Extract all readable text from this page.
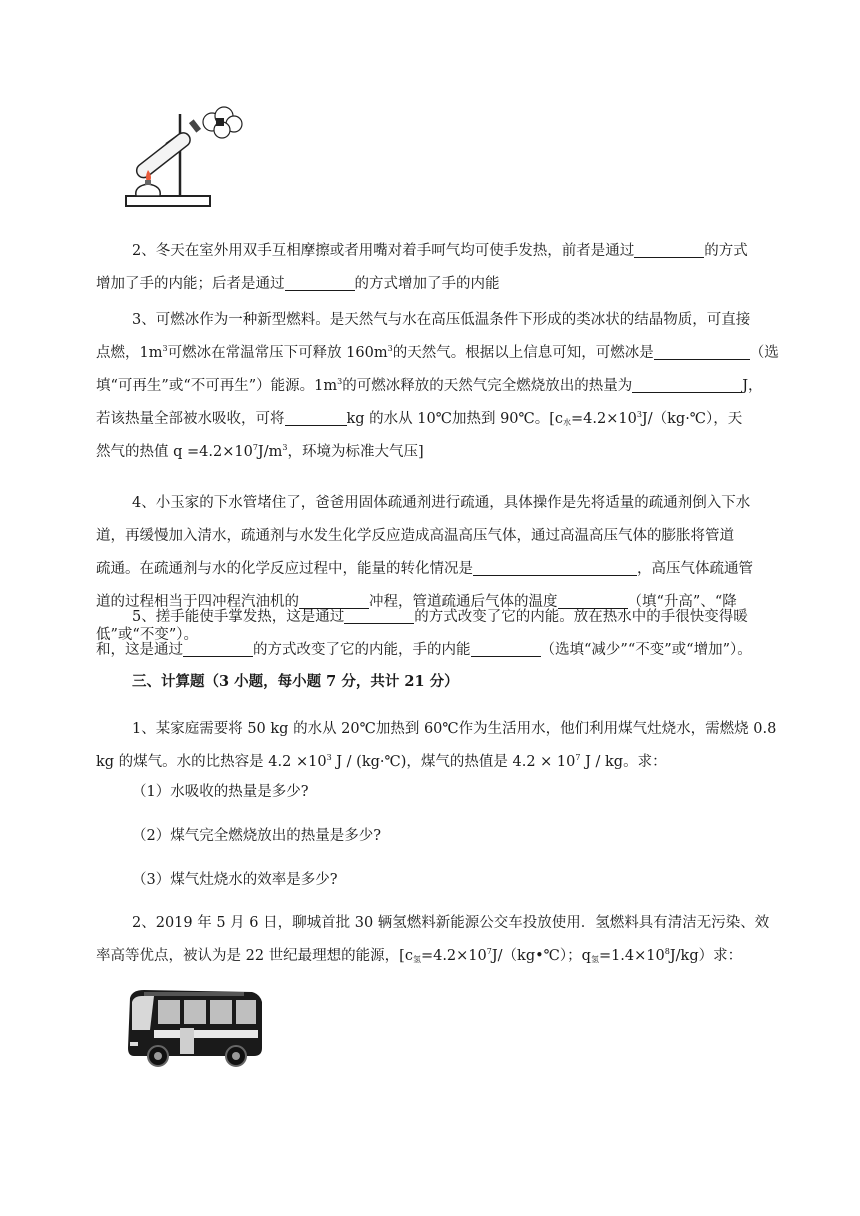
2、冬天在室外用双手互相摩擦或者用嘴对着手呵气均可使手发热，前者是通过	的方式
增加了手的内能；后者是通过	的方式增加了手的内能

3、可燃冰作为一种新型燃料。是天然气与水在高压低温条件下形成的类冰状的结晶物质，可直接
点燃，$1m^3$可燃冰在常温常压下可释放 $160m^3$的天然气。根据以上信息可知，可燃冰是	（选
填“可再生”或“不可再生”）能源。$1m^3$的可燃冰释放的天然气完全燃烧放出的热量为	J，
若该热量全部被水吸收，可将	kg 的水从 10℃加热到 90℃。[$c_水=4.2\times 10^3J/(kg\cdot℃)$，天
然气的热值 $q =4.2\times 10^7J/m^3$，环境为标准大气压]

4、小玉家的下水管堵住了，爸爸用固体疏通剂进行疏通，具体操作是先将适量的疏通剂倒入下水
道，再缓慢加入清水，疏通剂与水发生化学反应造成高温高压气体，通过高温高压气体的膨胀将管道
疏通。在疏通剂与水的化学反应过程中，能量的转化情况是	，高压气体疏通管
道的过程相当于四冲程汽油机的	冲程，管道疏通后气体的温度	（填“升高”、“降
低”或“不变”）。

5、搓手能使手掌发热，这是通过	的方式改变了它的内能。放在热水中的手很快变得暖
和，这是通过	的方式改变了它的内能，手的内能	（选填“减少”“不变”或“增加”）。

三、计算题（3 小题，每小题 7 分，共计 21 分）

1、某家庭需要将 50 kg 的水从 20℃加热到 60℃作为生活用水，他们利用煤气灶烧水，需燃烧 0.8
kg 的煤气。水的比热容是 $4.2 \times 10^3$ J / (kg·℃)，煤气的热值是 $4.2 \times 10^7$ J / kg。求：

（1）水吸收的热量是多少?

（2）煤气完全燃烧放出的热量是多少?

（3）煤气灶烧水的效率是多少?

2、2019 年 5 月 6 日，聊城首批 30 辆氢燃料新能源公交车投放使用．氢燃料具有清洁无污染、效
率高等优点，被认为是 22 世纪最理想的能源，[$c_氢=4.2\times 10^7J/(kg•℃)$；$q_氢=1.4\times 10^8J/kg$）求：
